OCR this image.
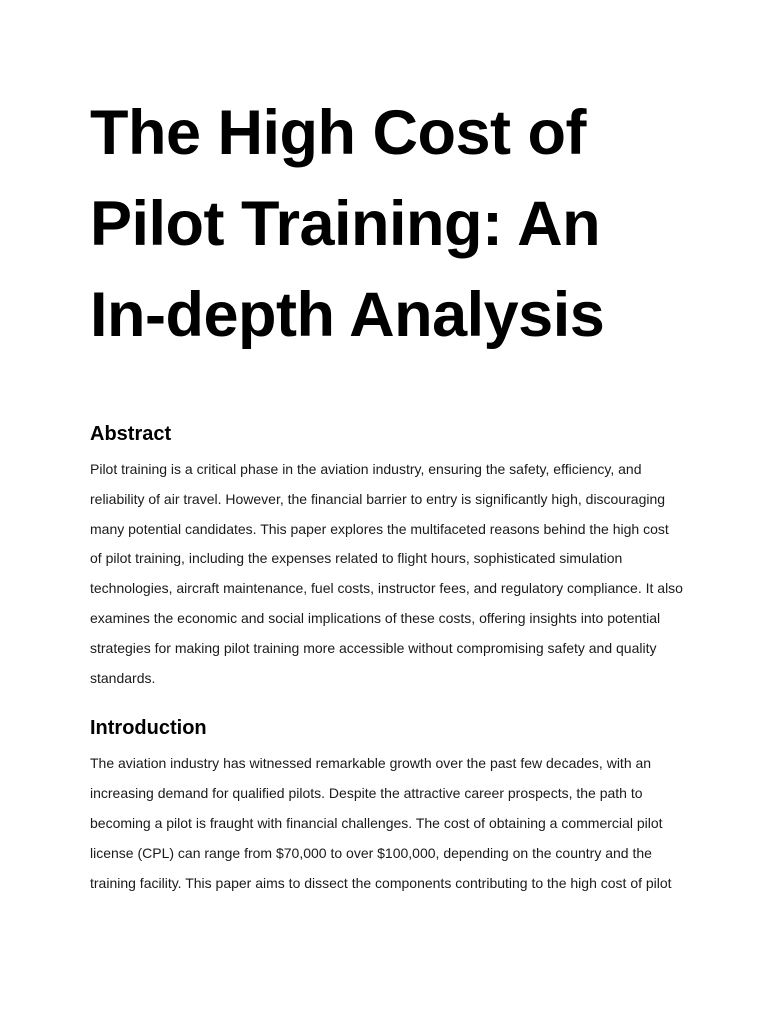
The High Cost of
Pilot Training: An
In-depth Analysis
Abstract

Pilot training is a critical phase in the aviation industry, ensuring the safety, efficiency, and
reliability of air travel. However, the financial barrier to entry is significantly high, discouraging
many potential candidates. This paper explores the multifaceted reasons behind the high cost
of pilot training, including the expenses related to flight hours, sophisticated simulation
technologies, aircraft maintenance, fuel costs, instructor fees, and regulatory compliance. It also
examines the economic and social implications of these costs, offering insights into potential
strategies for making pilot training more accessible without compromising safety and quality
standards.

Introduction

The aviation industry has witnessed remarkable growth over the past few decades, with an
increasing demand for qualified pilots. Despite the attractive career prospects, the path to
becoming a pilot is fraught with financial challenges. The cost of obtaining a commercial pilot
license (CPL) can range from $70,000 to over $100,000, depending on the country and the
training facility. This paper aims to dissect the components contributing to the high cost of pilot
